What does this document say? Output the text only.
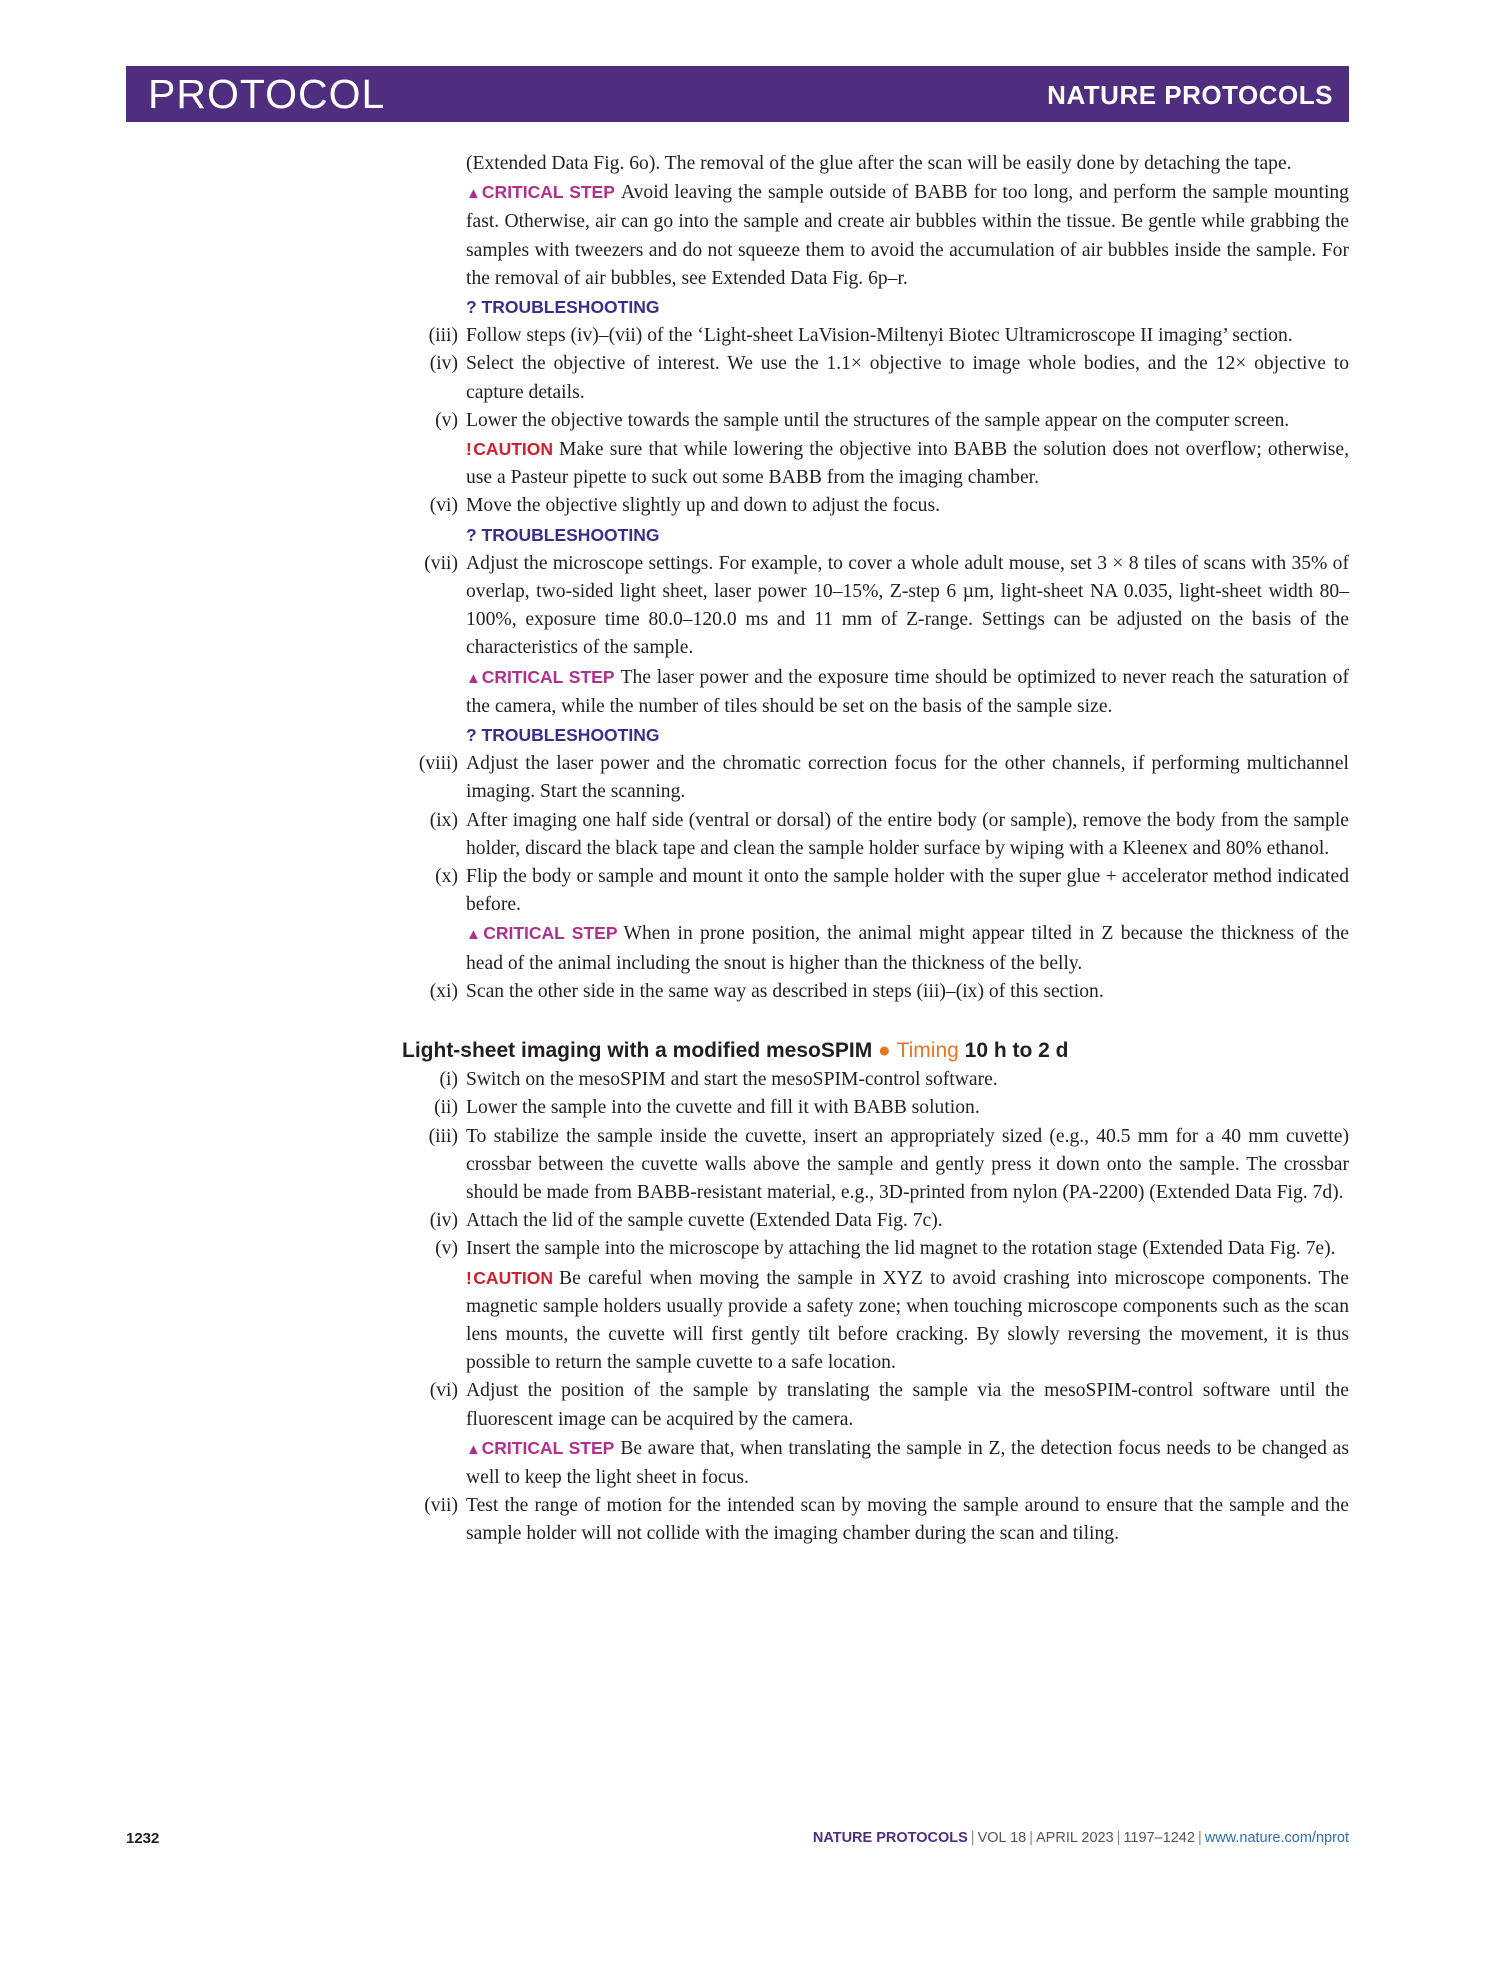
PROTOCOL	NATURE PROTOCOLS

(Extended Data Fig. 6o). The removal of the glue after the scan will be easily done by detaching the tape.

▲CRITICAL STEP Avoid leaving the sample outside of BABB for too long, and perform the sample mounting fast. Otherwise, air can go into the sample and create air bubbles within the tissue. Be gentle while grabbing the samples with tweezers and do not squeeze them to avoid the accumulation of air bubbles inside the sample. For the removal of air bubbles, see Extended Data Fig. 6p–r.

? TROUBLESHOOTING

(iii) Follow steps (iv)–(vii) of the ‘Light-sheet LaVision-Miltenyi Biotec Ultramicroscope II imaging’ section.

(iv) Select the objective of interest. We use the 1.1× objective to image whole bodies, and the 12× objective to capture details.

(v) Lower the objective towards the sample until the structures of the sample appear on the computer screen.

! CAUTION Make sure that while lowering the objective into BABB the solution does not overflow; otherwise, use a Pasteur pipette to suck out some BABB from the imaging chamber.

(vi) Move the objective slightly up and down to adjust the focus.

? TROUBLESHOOTING

(vii) Adjust the microscope settings. For example, to cover a whole adult mouse, set 3 × 8 tiles of scans with 35% of overlap, two-sided light sheet, laser power 10–15%, Z-step 6 µm, light-sheet NA 0.035, light-sheet width 80–100%, exposure time 80.0–120.0 ms and 11 mm of Z-range. Settings can be adjusted on the basis of the characteristics of the sample.

▲CRITICAL STEP The laser power and the exposure time should be optimized to never reach the saturation of the camera, while the number of tiles should be set on the basis of the sample size.

? TROUBLESHOOTING

(viii) Adjust the laser power and the chromatic correction focus for the other channels, if performing multichannel imaging. Start the scanning.

(ix) After imaging one half side (ventral or dorsal) of the entire body (or sample), remove the body from the sample holder, discard the black tape and clean the sample holder surface by wiping with a Kleenex and 80% ethanol.

(x) Flip the body or sample and mount it onto the sample holder with the super glue + accelerator method indicated before.

▲CRITICAL STEP When in prone position, the animal might appear tilted in Z because the thickness of the head of the animal including the snout is higher than the thickness of the belly.

(xi) Scan the other side in the same way as described in steps (iii)–(ix) of this section.

Light-sheet imaging with a modified mesoSPIM ● Timing 10 h to 2 d

(i) Switch on the mesoSPIM and start the mesoSPIM-control software.

(ii) Lower the sample into the cuvette and fill it with BABB solution.

(iii) To stabilize the sample inside the cuvette, insert an appropriately sized (e.g., 40.5 mm for a 40 mm cuvette) crossbar between the cuvette walls above the sample and gently press it down onto the sample. The crossbar should be made from BABB-resistant material, e.g., 3D-printed from nylon (PA-2200) (Extended Data Fig. 7d).

(iv) Attach the lid of the sample cuvette (Extended Data Fig. 7c).

(v) Insert the sample into the microscope by attaching the lid magnet to the rotation stage (Extended Data Fig. 7e).

! CAUTION Be careful when moving the sample in XYZ to avoid crashing into microscope components. The magnetic sample holders usually provide a safety zone; when touching microscope components such as the scan lens mounts, the cuvette will first gently tilt before cracking. By slowly reversing the movement, it is thus possible to return the sample cuvette to a safe location.

(vi) Adjust the position of the sample by translating the sample via the mesoSPIM-control software until the fluorescent image can be acquired by the camera.

▲CRITICAL STEP Be aware that, when translating the sample in Z, the detection focus needs to be changed as well to keep the light sheet in focus.

(vii) Test the range of motion for the intended scan by moving the sample around to ensure that the sample and the sample holder will not collide with the imaging chamber during the scan and tiling.

1232	NATURE PROTOCOLS | VOL 18 | APRIL 2023 | 1197–1242 | www.nature.com/nprot
